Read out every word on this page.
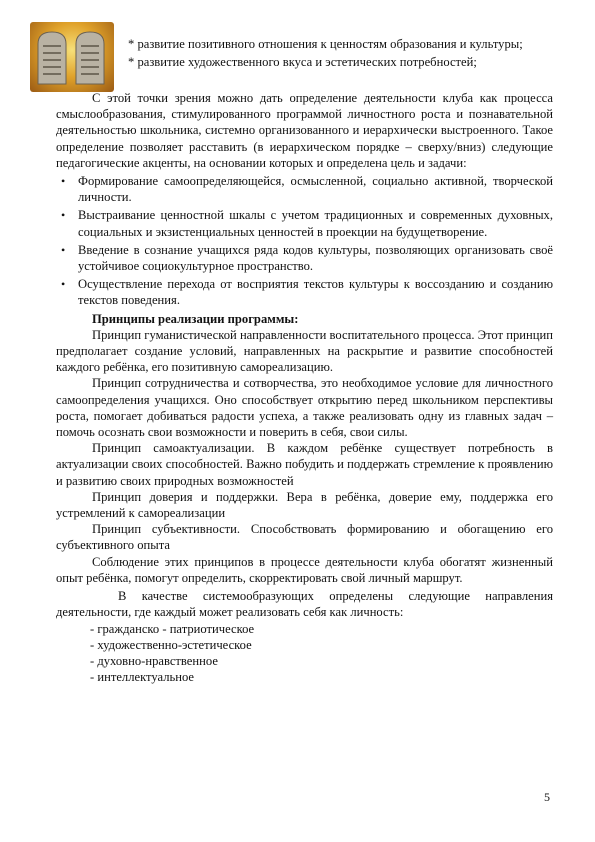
* развитие позитивного отношения к ценностям образования и культуры;

* развитие художественного вкуса и эстетических потребностей;

С этой точки зрения можно дать определение деятельности клуба как процесса смыслообразования, стимулированного программой личностного роста и познавательной деятельностью школьника, системно организованного и иерархически выстроенного. Такое определение позволяет расставить (в иерархическом порядке – сверху/вниз) следующие педагогические акценты, на основании которых и определена цель и задачи:

• Формирование самоопределяющейся, осмысленной, социально активной, творческой личности.
• Выстраивание ценностной шкалы с учетом традиционных и современных духовных, социальных и экзистенциальных ценностей в проекции на будущетворение.
• Введение в сознание учащихся ряда кодов культуры, позволяющих организовать своё устойчивое социокультурное пространство.
• Осуществление перехода от восприятия текстов культуры к воссозданию и созданию текстов поведения.

Принципы реализации программы:

Принцип гуманистической направленности воспитательного процесса. Этот принцип предполагает создание условий, направленных на раскрытие и развитие способностей каждого ребёнка, его позитивную самореализацию.

Принцип сотрудничества и сотворчества, это необходимое условие для личностного самоопределения учащихся. Оно способствует открытию перед школьником перспективы роста, помогает добиваться радости успеха, а также реализовать одну из главных задач – помочь осознать свои возможности и поверить в себя, свои силы.

Принцип самоактуализации. В каждом ребёнке существует потребность в актуализации своих способностей. Важно побудить и поддержать стремление к проявлению и развитию своих природных возможностей

Принцип доверия и поддержки. Вера в ребёнка, доверие ему, поддержка его устремлений к самореализации

Принцип субъективности. Способствовать формированию и обогащению его субъективного опыта

Соблюдение этих принципов в процессе деятельности клуба обогатят жизненный опыт ребёнка, помогут определить, скорректировать свой личный маршрут.

В качестве системообразующих определены следующие направления деятельности, где каждый может реализовать себя как личность:

- гражданско - патриотическое
- художественно-эстетическое
- духовно-нравственное
- интеллектуальное
5
